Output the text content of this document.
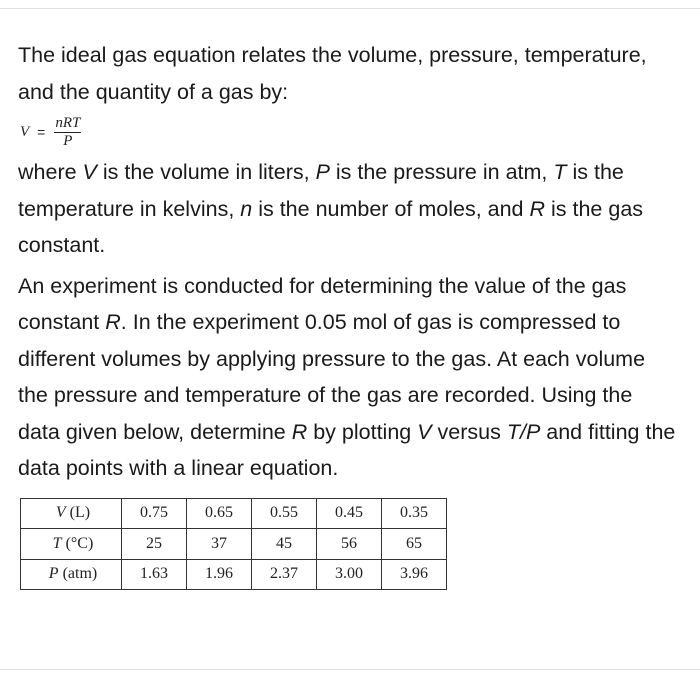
The ideal gas equation relates the volume, pressure, temperature, and the quantity of a gas by:

$V = \frac{\text{nRT}}{P}$

where V is the volume in liters, P is the pressure in atm, T is the temperature in kelvins, n is the number of moles, and R is the gas constant.

An experiment is conducted for determining the value of the gas constant R. In the experiment 0.05 mol of gas is compressed to different volumes by applying pressure to the gas. At each volume the pressure and temperature of the gas are recorded. Using the data given below, determine R by plotting V versus T/P and fitting the data points with a linear equation.

V (L)	0.75	0.65	0.55	0.45	0.35
T (°C)	25	37	45	56	65
P (atm)	1.63	1.96	2.37	3.00	3.96
